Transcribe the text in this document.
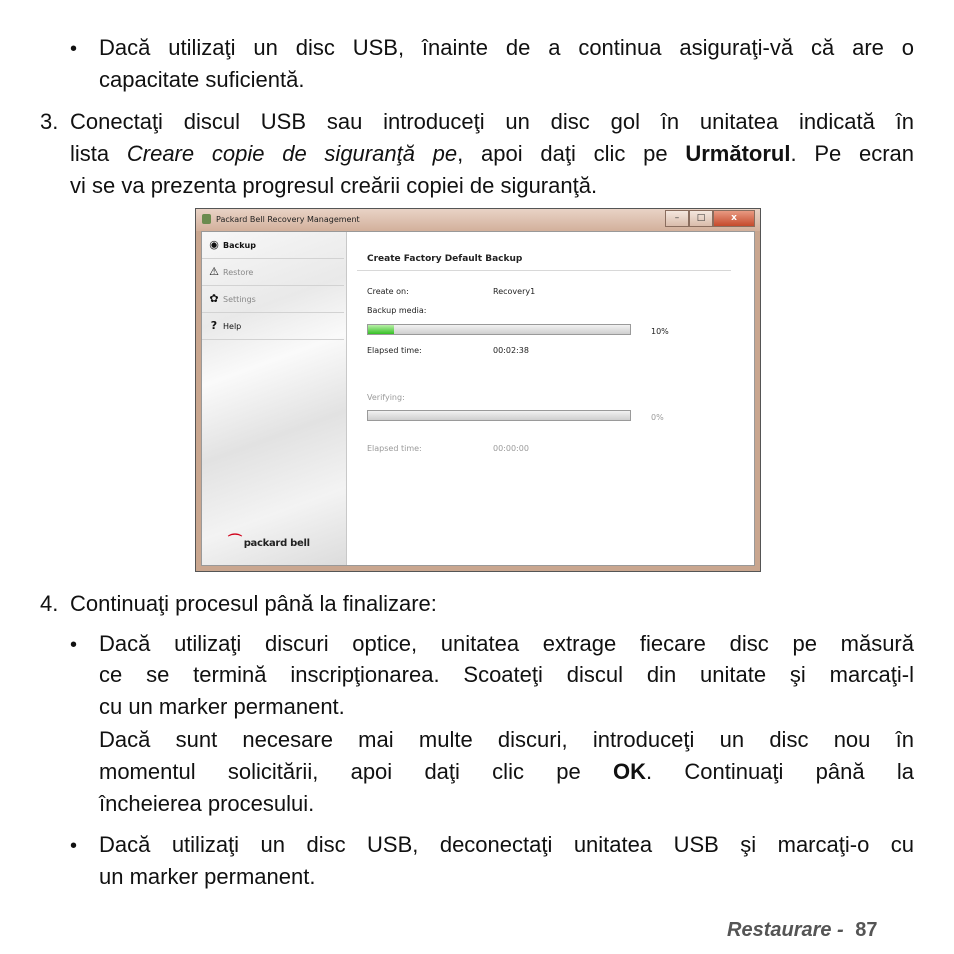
• Dacă utilizaţi un disc USB, înainte de a continua asiguraţi-vă că are o
capacitate suficientă.
3. Conectaţi discul USB sau introduceţi un disc gol în unitatea indicată în
lista Creare copie de siguranţă pe, apoi daţi clic pe Următorul. Pe ecran
vi se va prezenta progresul creării copiei de siguranţă.
Packard Bell Recovery Management	–	□	x
◉ Backup
⚠ Restore
✿ Settings
? Help
⌒ packard bell
Create Factory Default Backup
Create on:	Recovery1
Backup media:
10%
Elapsed time:	00:02:38
Verifying:
0%
Elapsed time:	00:00:00
4. Continuaţi procesul până la finalizare:
• Dacă utilizaţi discuri optice, unitatea extrage fiecare disc pe măsură
ce se termină inscripţionarea. Scoateţi discul din unitate şi marcaţi-l
cu un marker permanent.
Dacă sunt necesare mai multe discuri, introduceţi un disc nou în
momentul solicitării, apoi daţi clic pe OK. Continuaţi până la
încheierea procesului.
• Dacă utilizaţi un disc USB, deconectaţi unitatea USB şi marcaţi-o cu
un marker permanent.
Restaurare - 87
